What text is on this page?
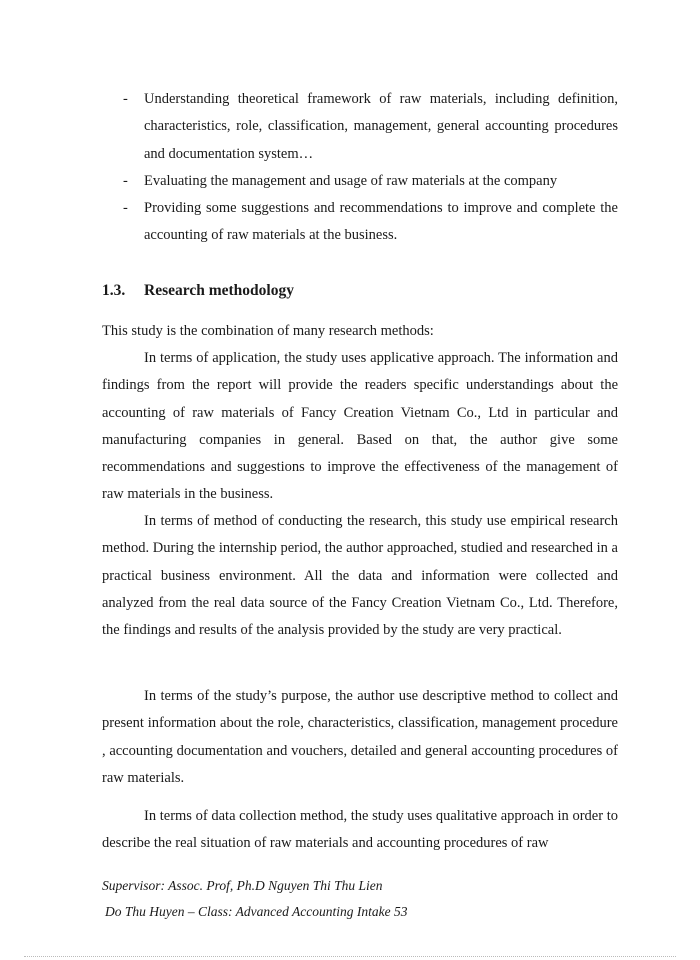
- Understanding theoretical framework of raw materials, including definition, characteristics, role, classification, management, general accounting procedures and documentation system…
- Evaluating the management and usage of raw materials at the company
- Providing some suggestions and recommendations to improve and complete the accounting of raw materials at the business.
1.3. Research methodology

This study is the combination of many research methods:

In terms of application, the study uses applicative approach. The information and findings from the report will provide the readers specific understandings about the accounting of raw materials of Fancy Creation Vietnam Co., Ltd in particular and manufacturing companies in general. Based on that, the author give some recommendations and suggestions to improve the effectiveness of the management of raw materials in the business.

In terms of method of conducting the research, this study use empirical research method. During the internship period, the author approached, studied and researched in a practical business environment. All the data and information were collected and analyzed from the real data source of the Fancy Creation Vietnam Co., Ltd. Therefore, the findings and results of the analysis provided by the study are very practical.

In terms of the study’s purpose, the author use descriptive method to collect and present information about the role, characteristics, classification, management procedure , accounting documentation and vouchers, detailed and general accounting procedures of raw materials.

In terms of data collection method, the study uses qualitative approach in order to describe the real situation of raw materials and accounting procedures of raw

Supervisor: Assoc. Prof, Ph.D Nguyen Thi Thu Lien

Do Thu Huyen – Class: Advanced Accounting Intake 53
